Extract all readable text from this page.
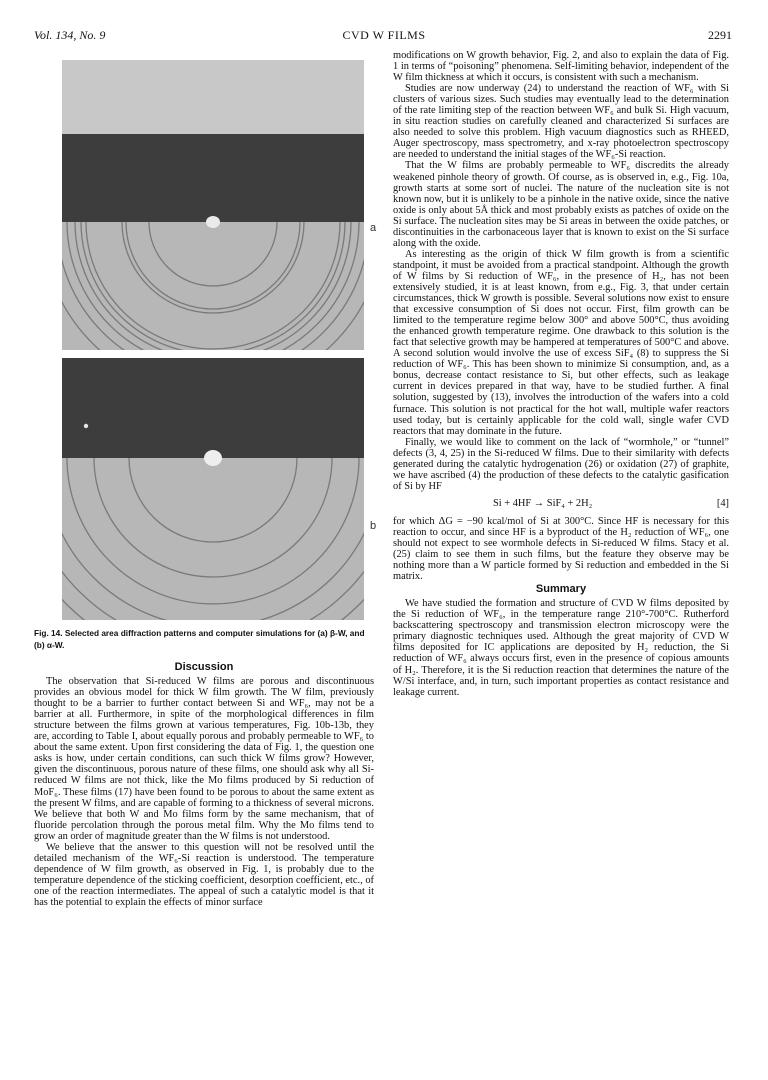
Vol. 134, No. 9	CVD W FILMS	2291
a
b
Fig. 14. Selected area diffraction patterns and computer simulations for (a) β-W, and (b) α-W.
Discussion

The observation that Si-reduced W films are porous and discontinuous provides an obvious model for thick W film growth. The W film, previously thought to be a barrier to further contact between Si and WF₆, may not be a barrier at all. Furthermore, in spite of the morphological differences in film structure between the films grown at various temperatures, Fig. 10b-13b, they are, according to Table I, about equally porous and probably permeable to WF₆ to about the same extent. Upon first considering the data of Fig. 1, the question one asks is how, under certain conditions, can such thick W films grow? However, given the discontinuous, porous nature of these films, one should ask why all Si-reduced W films are not thick, like the Mo films produced by Si reduction of MoF₆. These films (17) have been found to be porous to about the same extent as the present W films, and are capable of forming to a thickness of several microns. We believe that both W and Mo films form by the same mechanism, that of fluoride percolation through the porous metal film. Why the Mo films tend to grow an order of magnitude greater than the W films is not understood.

We believe that the answer to this question will not be resolved until the detailed mechanism of the WF₆-Si reaction is understood. The temperature dependence of W film growth, as observed in Fig. 1, is probably due to the temperature dependence of the sticking coefficient, desorption coefficient, etc., of one of the reaction intermediates. The appeal of such a catalytic model is that it has the potential to explain the effects of minor surface

modifications on W growth behavior, Fig. 2, and also to explain the data of Fig. 1 in terms of “poisoning” phenomena. Self-limiting behavior, independent of the W film thickness at which it occurs, is consistent with such a mechanism.

Studies are now underway (24) to understand the reaction of WF₆ with Si clusters of various sizes. Such studies may eventually lead to the determination of the rate limiting step of the reaction between WF₆ and bulk Si. High vacuum, in situ reaction studies on carefully cleaned and characterized Si surfaces are also needed to solve this problem. High vacuum diagnostics such as RHEED, Auger spectroscopy, mass spectrometry, and x-ray photoelectron spectroscopy are needed to understand the initial stages of the WF₆-Si reaction.

That the W films are probably permeable to WF₆ discredits the already weakened pinhole theory of growth. Of course, as is observed in, e.g., Fig. 10a, growth starts at some sort of nuclei. The nature of the nucleation site is not known now, but it is unlikely to be a pinhole in the native oxide, since the native oxide is only about 5Å thick and most probably exists as patches of oxide on the Si surface. The nucleation sites may be Si areas in between the oxide patches, or discontinuities in the carbonaceous layer that is known to exist on the Si surface along with the oxide.

As interesting as the origin of thick W film growth is from a scientific standpoint, it must be avoided from a practical standpoint. Although the growth of W films by Si reduction of WF₆, in the presence of H₂, has not been extensively studied, it is at least known, from e.g., Fig. 3, that under certain circumstances, thick W growth is possible. Several solutions now exist to ensure that excessive consumption of Si does not occur. First, film growth can be limited to the temperature regime below 300° and above 500°C, thus avoiding the enhanced growth temperature regime. One drawback to this solution is the fact that selective growth may be hampered at temperatures of 500°C and above. A second solution would involve the use of excess SiF₄ (8) to suppress the Si reduction of WF₆. This has been shown to minimize Si consumption, and, as a bonus, decrease contact resistance to Si, but other effects, such as leakage current in devices prepared in that way, have to be studied further. A final solution, suggested by (13), involves the introduction of the wafers into a cold furnace. This solution is not practical for the hot wall, multiple wafer reactors used today, but is certainly applicable for the cold wall, single wafer CVD reactors that may dominate in the future.

Finally, we would like to comment on the lack of “wormhole,” or “tunnel” defects (3, 4, 25) in the Si-reduced W films. Due to their similarity with defects generated during the catalytic hydrogenation (26) or oxidation (27) of graphite, we have ascribed (4) the production of these defects to the catalytic gasification of Si by HF

Si + 4HF → SiF₄ + 2H₂	[4]

for which ΔG = −90 kcal/mol of Si at 300°C. Since HF is necessary for this reaction to occur, and since HF is a byproduct of the H₂ reduction of WF₆, one should not expect to see wormhole defects in Si-reduced W films. Stacy et al. (25) claim to see them in such films, but the feature they observe may be nothing more than a W particle formed by Si reduction and embedded in the Si matrix.

Summary

We have studied the formation and structure of CVD W films deposited by the Si reduction of WF₆, in the temperature range 210°-700°C. Rutherford backscattering spectroscopy and transmission electron microscopy were the primary diagnostic techniques used. Although the great majority of CVD W films deposited for IC applications are deposited by H₂ reduction, the Si reduction of WF₆ always occurs first, even in the presence of copious amounts of H₂. Therefore, it is the Si reduction reaction that determines the nature of the W/Si interface, and, in turn, such important properties as contact resistance and leakage current.
